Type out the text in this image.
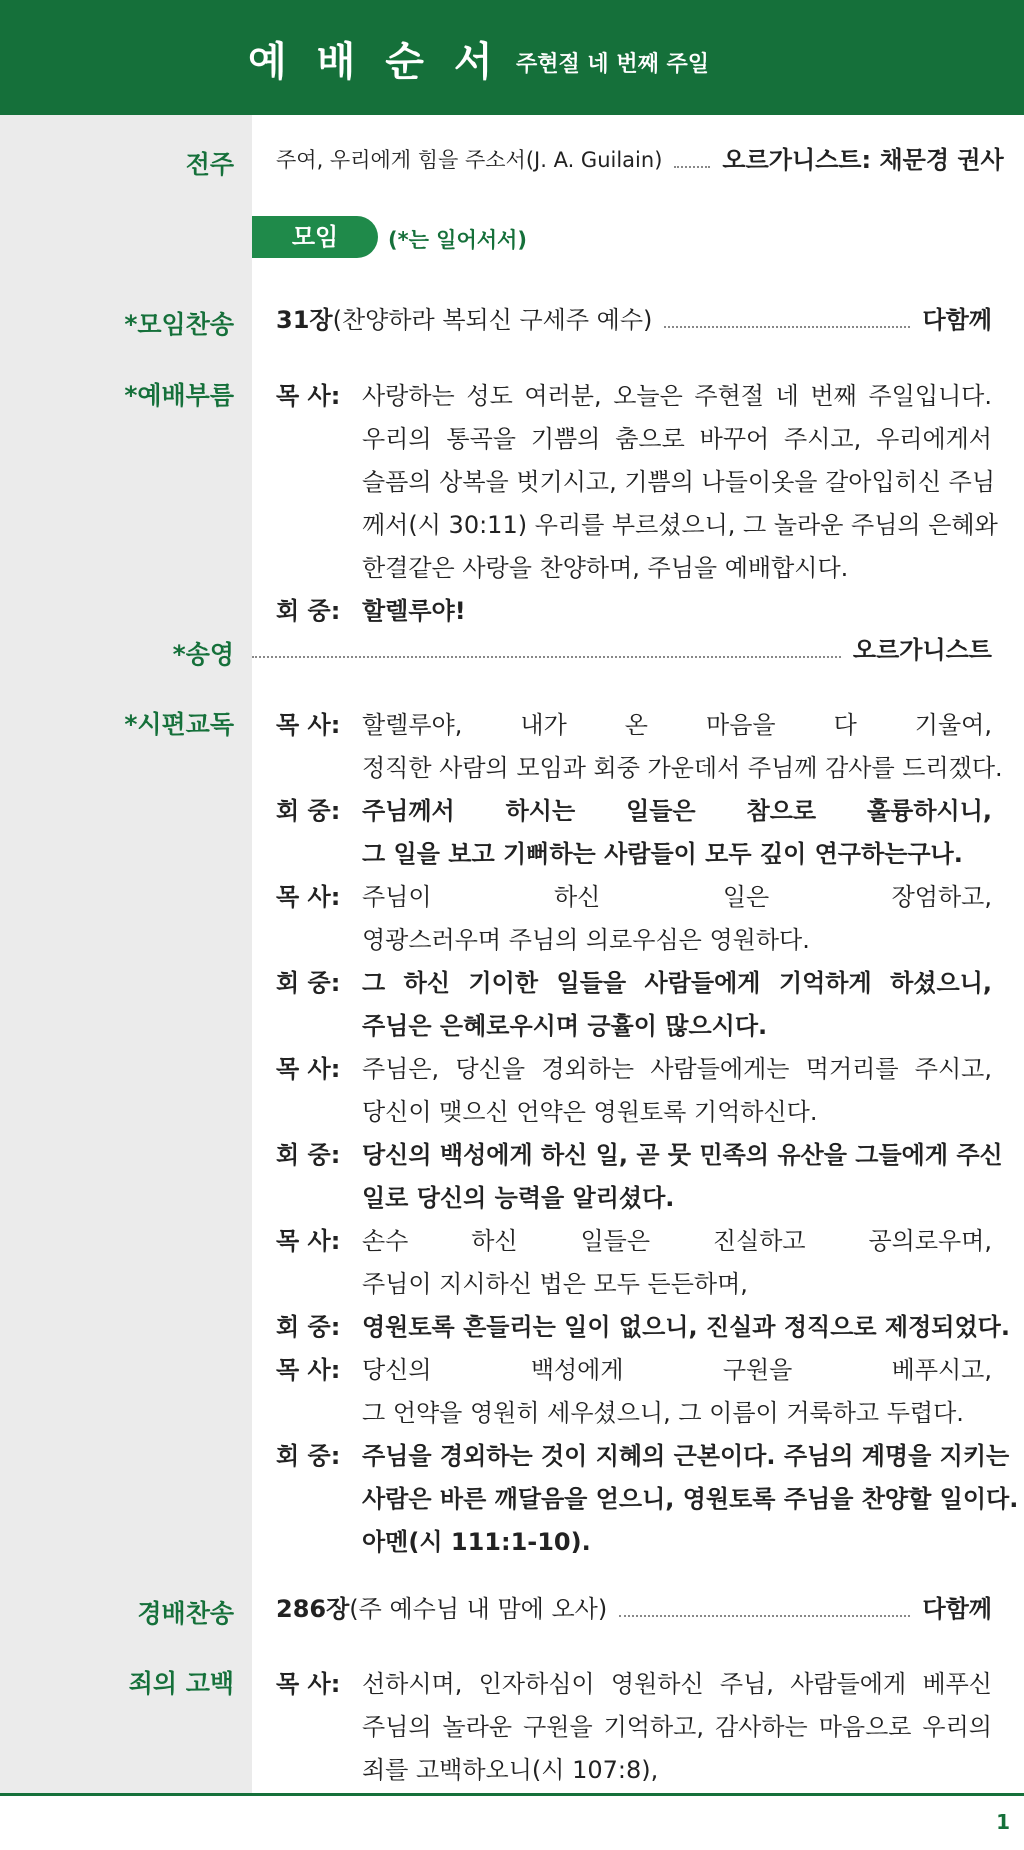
예배순서
주현절 네 번째 주일
전주 주여, 우리에게 힘을 주소서(J. A. Guilain)	오르가니스트: 채문경 권사
모임 (*는 일어서서)
*모임찬송 31장 (찬양하라 복되신 구세주 예수)	다함께
*예배부름 목 사: 사랑하는 성도 여러분, 오늘은 주현절 네 번째 주일입니다.
우리의 통곡을 기쁨의 춤으로 바꾸어 주시고, 우리에게서
슬픔의 상복을 벗기시고, 기쁨의 나들이옷을 갈아입히신 주님
께서(시 30:11) 우리를 부르셨으니, 그 놀라운 주님의 은혜와
한결같은 사랑을 찬양하며, 주님을 예배합시다.
회 중: 할렐루야!
*송영	오르가니스트
*시편교독 목 사: 할렐루야, 내가 온 마음을 다 기울여,
정직한 사람의 모임과 회중 가운데서 주님께 감사를 드리겠다.
회 중: 주님께서 하시는 일들은 참으로 훌륭하시니,
그 일을 보고 기뻐하는 사람들이 모두 깊이 연구하는구나.
목 사: 주님이 하신 일은 장엄하고,
영광스러우며 주님의 의로우심은 영원하다.
회 중: 그 하신 기이한 일들을 사람들에게 기억하게 하셨으니,
주님은 은혜로우시며 긍휼이 많으시다.
목 사: 주님은, 당신을 경외하는 사람들에게는 먹거리를 주시고,
당신이 맺으신 언약은 영원토록 기억하신다.
회 중: 당신의 백성에게 하신 일, 곧 뭇 민족의 유산을 그들에게 주신
일로 당신의 능력을 알리셨다.
목 사: 손수 하신 일들은 진실하고 공의로우며,
주님이 지시하신 법은 모두 든든하며,
회 중: 영원토록 흔들리는 일이 없으니, 진실과 정직으로 제정되었다.
목 사: 당신의 백성에게 구원을 베푸시고,
그 언약을 영원히 세우셨으니, 그 이름이 거룩하고 두렵다.
회 중: 주님을 경외하는 것이 지혜의 근본이다. 주님의 계명을 지키는
사람은 바른 깨달음을 얻으니, 영원토록 주님을 찬양할 일이다.
아멘(시 111:1-10).
경배찬송 286장 (주 예수님 내 맘에 오사)	다함께
죄의 고백 목 사: 선하시며, 인자하심이 영원하신 주님, 사람들에게 베푸신
주님의 놀라운 구원을 기억하고, 감사하는 마음으로 우리의
죄를 고백하오니(시 107:8),
1
